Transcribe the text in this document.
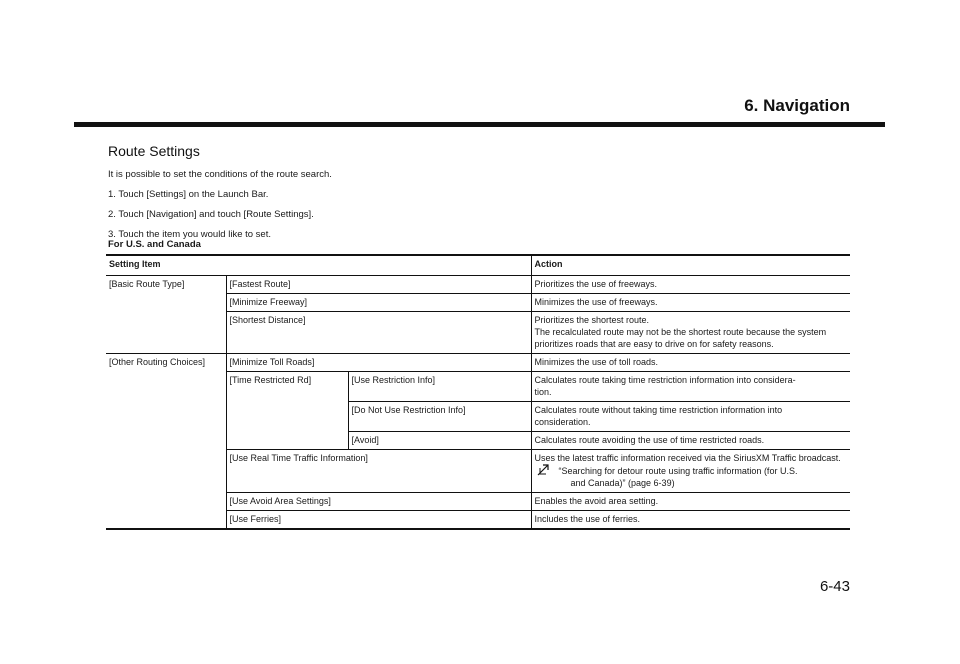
6. Navigation
Route Settings
It is possible to set the conditions of the route search.
1. Touch [Settings] on the Launch Bar.
2. Touch [Navigation] and touch [Route Settings].
3. Touch the item you would like to set.
For U.S. and Canada
Setting Item			Action
[Basic Route Type]	[Fastest Route]		Prioritizes the use of freeways.
	[Minimize Freeway]		Minimizes the use of freeways.
	[Shortest Distance]		Prioritizes the shortest route.
The recalculated route may not be the shortest route because the system prioritizes roads that are easy to drive on for safety reasons.
[Other Routing Choices]	[Minimize Toll Roads]		Minimizes the use of toll roads.
	[Time Restricted Rd]	[Use Restriction Info]	Calculates route taking time restriction information into considera-
tion.

		[Do Not Use Restriction Info]	Calculates route without taking time restriction information into
consideration.

		[Avoid]	Calculates route avoiding the use of time restricted roads.
	[Use Real Time Traffic Information]		Uses the latest traffic information received via the SiriusXM Traffic broadcast.
“Searching for detour route using traffic information (for U.S.
and Canada)” (page 6-39)

	[Use Avoid Area Settings]		Enables the avoid area setting.
	[Use Ferries]		Includes the use of ferries.
6-43
